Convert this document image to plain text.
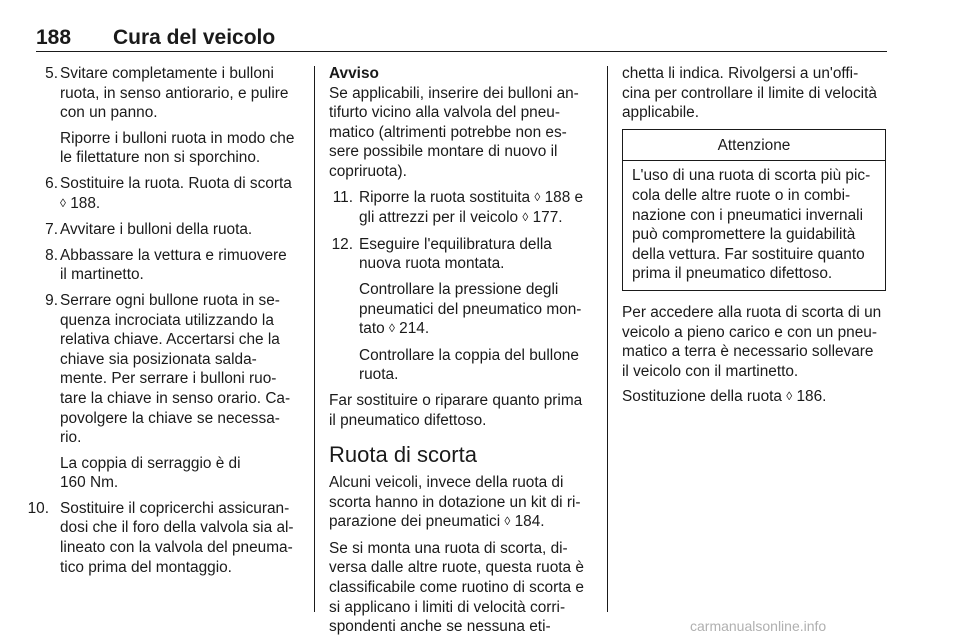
188 Cura del veicolo
5. Svitare completamente i bulloni
ruota, in senso antiorario, e pulire
con un panno.
Riporre i bulloni ruota in modo che
le filettature non si sporchino.
6. Sostituire la ruota. Ruota di scorta
◊ 188.
7. Avvitare i bulloni della ruota.
8. Abbassare la vettura e rimuovere
il martinetto.
9. Serrare ogni bullone ruota in se-
quenza incrociata utilizzando la
relativa chiave. Accertarsi che la
chiave sia posizionata salda-
mente. Per serrare i bulloni ruo-
tare la chiave in senso orario. Ca-
povolgere la chiave se necessa-
rio.
La coppia di serraggio è di
160 Nm.
10. Sostituire il copricerchi assicuran-
dosi che il foro della valvola sia al-
lineato con la valvola del pneuma-
tico prima del montaggio.
Avviso
Se applicabili, inserire dei bulloni an-
tifurto vicino alla valvola del pneu-
matico (altrimenti potrebbe non es-
sere possibile montare di nuovo il
copriruota).
11. Riporre la ruota sostituita ◊ 188 e
gli attrezzi per il veicolo ◊ 177.
12. Eseguire l'equilibratura della
nuova ruota montata.
Controllare la pressione degli
pneumatici del pneumatico mon-
tato ◊ 214.
Controllare la coppia del bullone
ruota.
Far sostituire o riparare quanto prima
il pneumatico difettoso.
Ruota di scorta
Alcuni veicoli, invece della ruota di
scorta hanno in dotazione un kit di ri-
parazione dei pneumatici ◊ 184.
Se si monta una ruota di scorta, di-
versa dalle altre ruote, questa ruota è
classificabile come ruotino di scorta e
si applicano i limiti di velocità corri-
spondenti anche se nessuna eti-
chetta li indica. Rivolgersi a un'offi-
cina per controllare il limite di velocità
applicabile.
Attenzione
L'uso di una ruota di scorta più pic-
cola delle altre ruote o in combi-
nazione con i pneumatici invernali
può compromettere la guidabilità
della vettura. Far sostituire quanto
prima il pneumatico difettoso.
Per accedere alla ruota di scorta di un
veicolo a pieno carico e con un pneu-
matico a terra è necessario sollevare
il veicolo con il martinetto.
Sostituzione della ruota ◊ 186.
carmanualsonline.info
